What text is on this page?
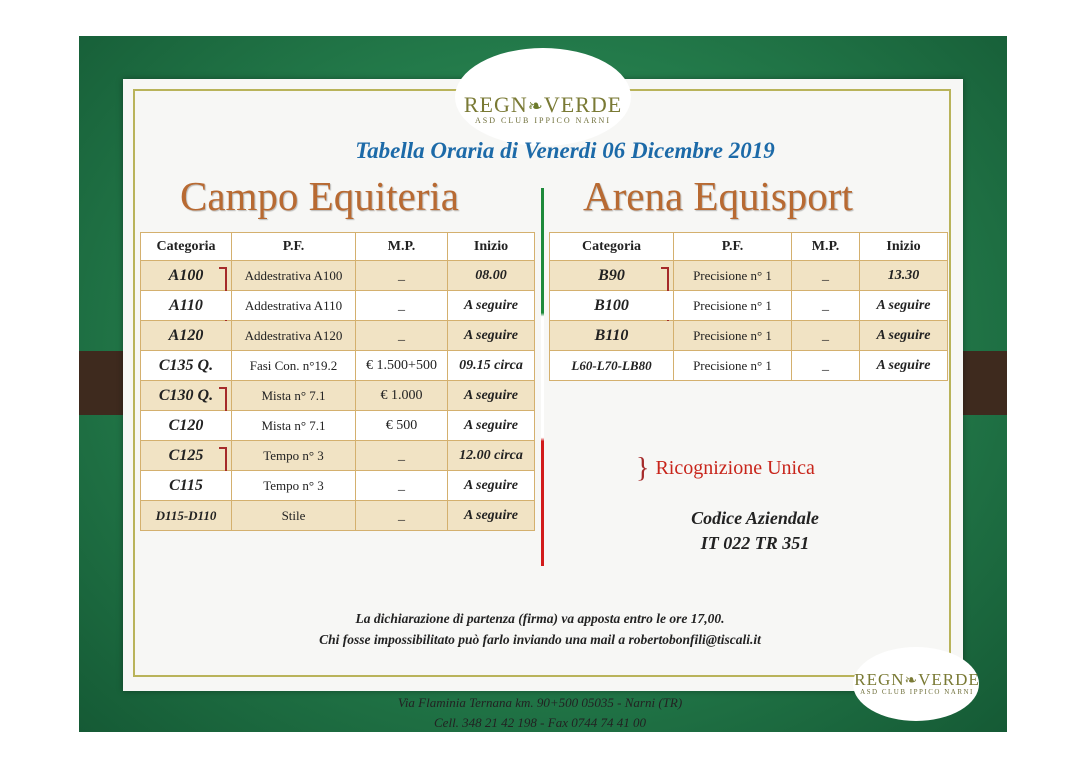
REGN❧VERDE
ASD CLUB IPPICO NARNI
Tabella Oraria di Venerdi 06 Dicembre 2019
Campo Equiteria	Arena Equisport
Categoria	P.F.	M.P.	Inizio
A100	Addestrativa A100	_	08.00
A110	Addestrativa A110	_	A seguire
A120	Addestrativa A120	_	A seguire
C135 Q.	Fasi Con. n°19.2	€ 1.500+500	09.15 circa
C130 Q.	Mista n° 7.1	€ 1.000	A seguire
C120	Mista n° 7.1	€ 500	A seguire
C125	Tempo n° 3	_	12.00 circa
C115	Tempo n° 3	_	A seguire
D115-D110	Stile	_	A seguire
Categoria	P.F.	M.P.	Inizio
B90	Precisione n° 1	_	13.30
B100	Precisione n° 1	_	A seguire
B110	Precisione n° 1	_	A seguire
L60-L70-LB80	Precisione n° 1	_	A seguire
} Ricognizione Unica
Codice Aziendale
IT 022 TR 351
La dichiarazione di partenza (firma) va apposta entro le ore 17,00.
Chi fosse impossibilitato può farlo inviando una mail a robertobonfili@tiscali.it
REGN❧VERDE
ASD CLUB IPPICO NARNI
Via Flaminia Ternana km. 90+500 05035 - Narni (TR)
Cell. 348 21 42 198 - Fax 0744 74 41 00
